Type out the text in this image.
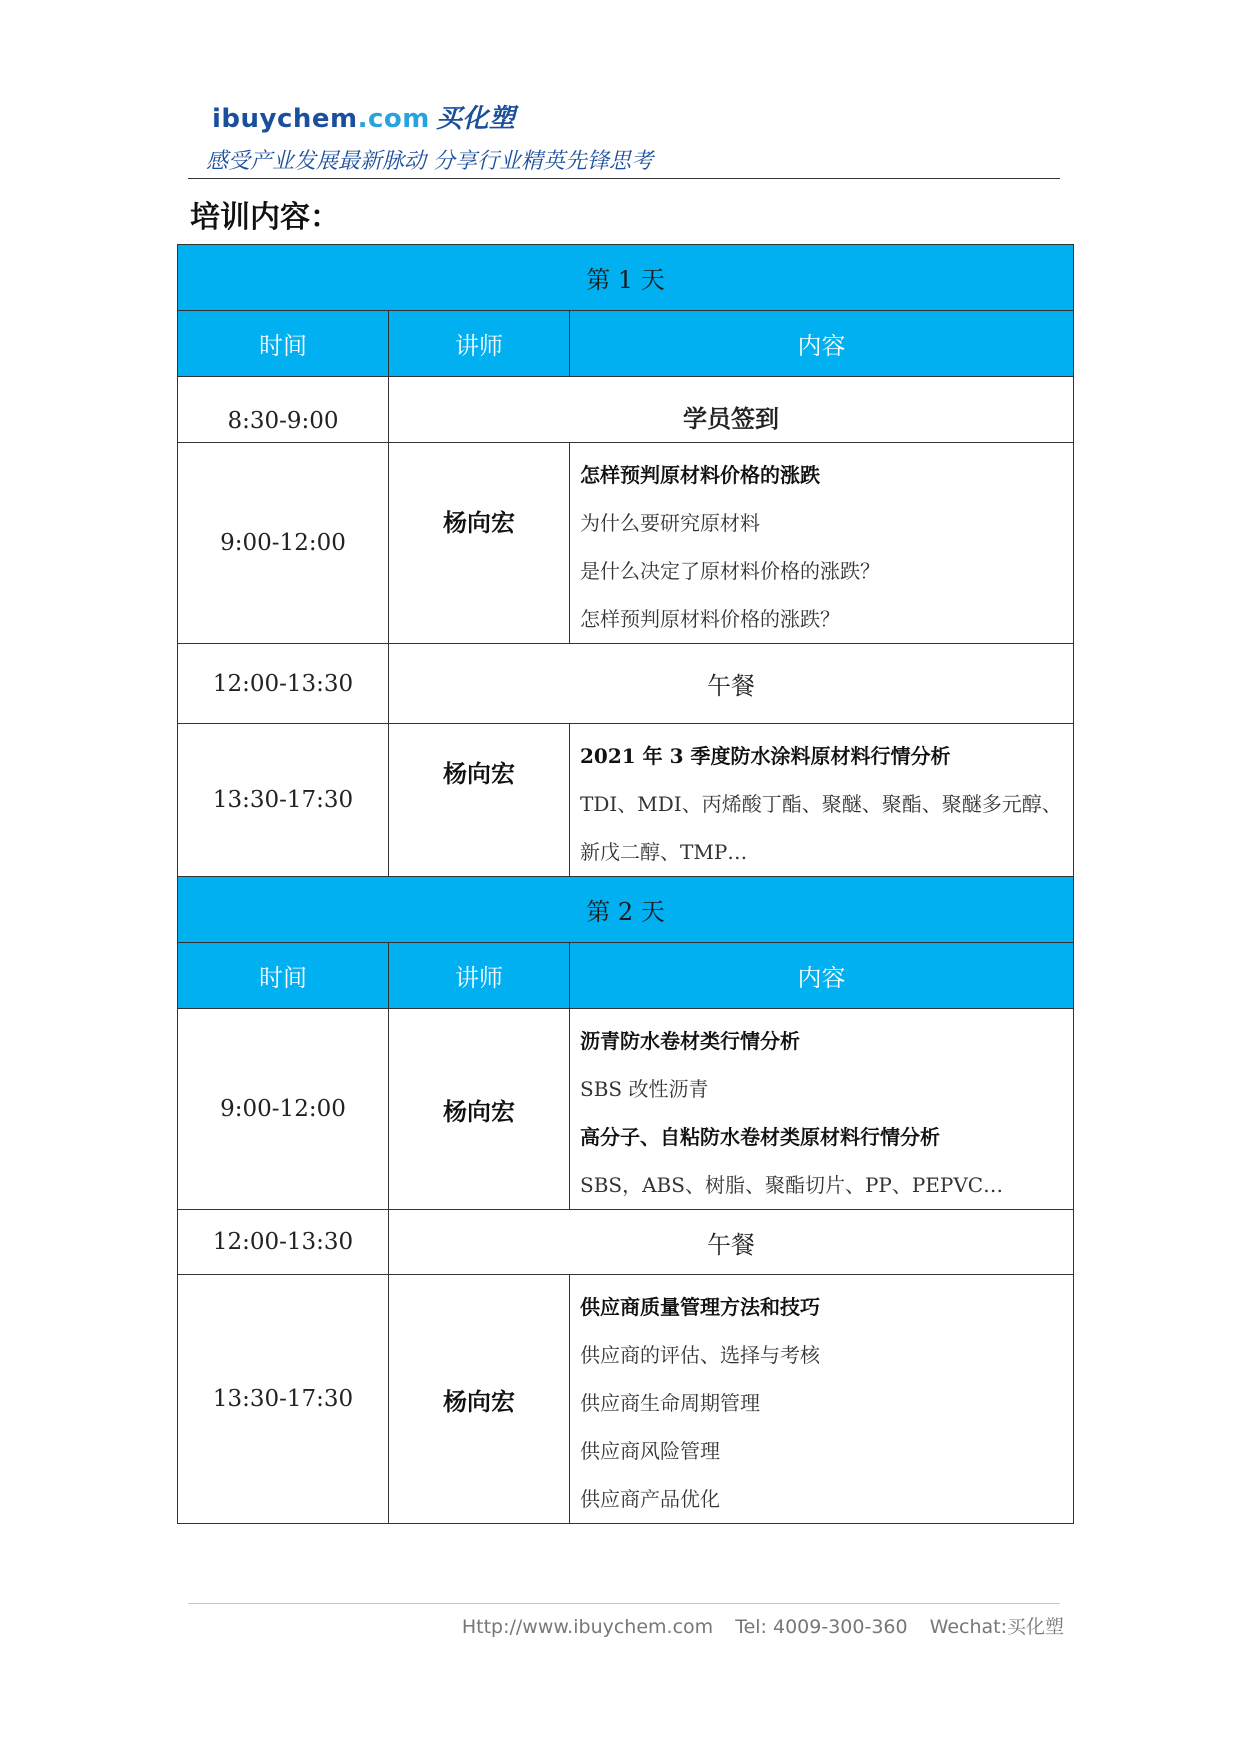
ibuychem.com 买化塑
感受产业发展最新脉动 分享行业精英先锋思考
培训内容：
第 1 天		
时间	讲师	内容
8:30-9:00	学员签到	
9:00-12:00	杨向宏	怎样预判原材料价格的涨跌
为什么要研究原材料
是什么决定了原材料价格的涨跌？
怎样预判原材料价格的涨跌？

12:00-13:30	午餐	
13:30-17:30	杨向宏	2021 年 3 季度防水涂料原材料行情分析
TDI、MDI、丙烯酸丁酯、聚醚、聚酯、聚醚多元醇、
新戊二醇、TMP…

第 2 天		
时间	讲师	内容
9:00-12:00	杨向宏	沥青防水卷材类行情分析
SBS 改性沥青
高分子、自粘防水卷材类原材料行情分析
SBS，ABS、树脂、聚酯切片、PP、PEPVC…

12:00-13:30	午餐	
13:30-17:30	杨向宏	供应商质量管理方法和技巧
供应商的评估、选择与考核
供应商生命周期管理
供应商风险管理
供应商产品优化
Http://www.ibuychem.com Tel: 4009-300-360 Wechat:买化塑
